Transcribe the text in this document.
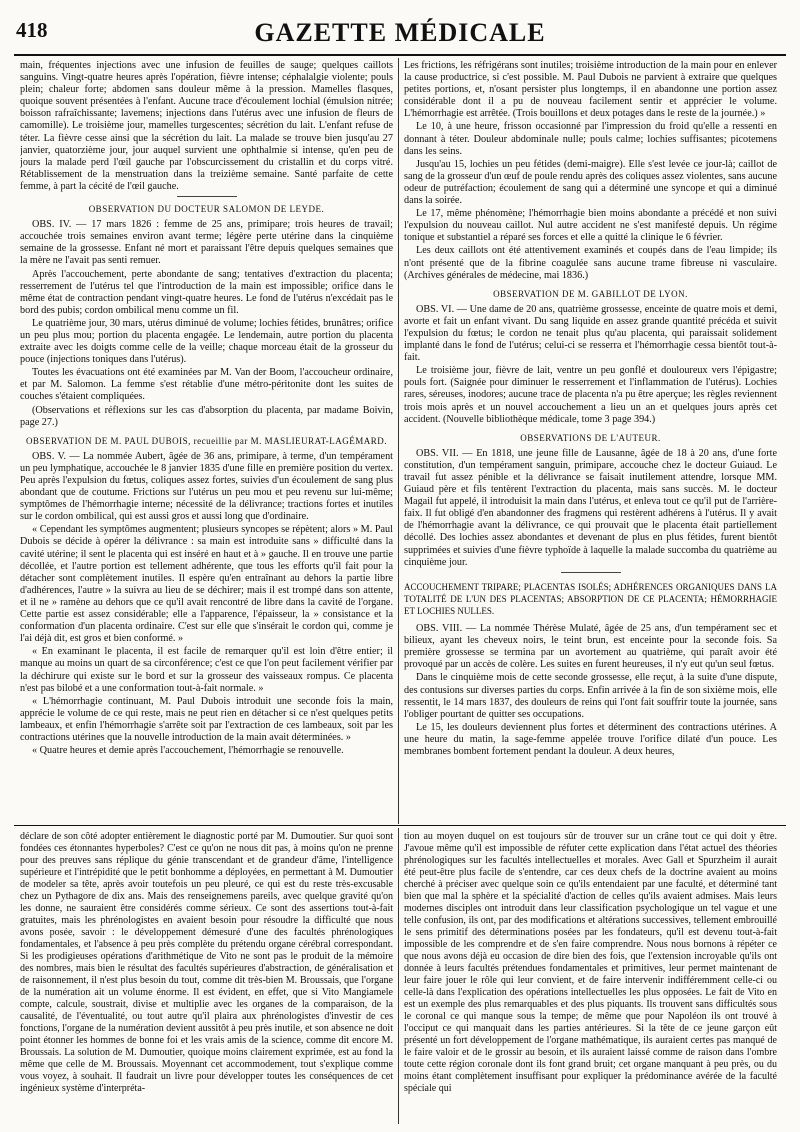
418	GAZETTE MÉDICALE

main, fréquentes injections avec une infusion de feuilles de sauge; quelques caillots sanguins. Vingt-quatre heures après l'opération, fièvre intense; céphalalgie violente; pouls plein; chaleur forte; abdomen sans douleur même à la pression. Mamelles flasques, quoique souvent présentées à l'enfant. Aucune trace d'écoulement lochial (émulsion nitrée; boisson rafraîchissante; lavemens; injections dans l'utérus avec une infusion de fleurs de camomille). Le troisième jour, mamelles turgescentes; sécrétion du lait. L'enfant refuse de téter. La fièvre cesse ainsi que la sécrétion du lait. La malade se trouve bien jusqu'au 27 janvier, quatorzième jour, jour auquel survient une ophthalmie si intense, qu'en peu de jours la malade perd l'œil gauche par l'obscurcissement du cristallin et du corps vitré. Rétablissement de la menstruation dans la treizième semaine. Santé parfaite de cette femme, à part la cécité de l'œil gauche.

OBSERVATION DU DOCTEUR SALOMON DE LEYDE.

OBS. IV. — 17 mars 1826 : femme de 25 ans, primipare; trois heures de travail; accouchée trois semaines environ avant terme; légère perte utérine dans la cinquième semaine de la grossesse. Enfant né mort et paraissant l'être depuis quelques semaines que la mère ne l'avait pas senti remuer.

Après l'accouchement, perte abondante de sang; tentatives d'extraction du placenta; resserrement de l'utérus tel que l'introduction de la main est impossible; orifice dans le même état de contraction pendant vingt-quatre heures. Le fond de l'utérus n'excédait pas le bord des pubis; cordon ombilical menu comme un fil.

Le quatrième jour, 30 mars, utérus diminué de volume; lochies fétides, brunâtres; orifice un peu plus mou; portion du placenta engagée. Le lendemain, autre portion du placenta extraite avec les doigts comme celle de la veille; chaque morceau était de la grosseur du pouce (injections toniques dans l'utérus).

Toutes les évacuations ont été examinées par M. Van der Boom, l'accoucheur ordinaire, et par M. Salomon. La femme s'est rétablie d'une métro-péritonite dont les suites de couches s'étaient compliquées.

(Observations et réflexions sur les cas d'absorption du placenta, par madame Boivin, page 27.)

OBSERVATION DE M. PAUL DUBOIS, recueillie par M. MASLIEURAT-LAGÉMARD.

OBS. V. — La nommée Aubert, âgée de 36 ans, primipare, à terme, d'un tempérament un peu lymphatique, accouchée le 8 janvier 1835 d'une fille en première position du vertex. Peu après l'expulsion du fœtus, coliques assez fortes, suivies d'un écoulement de sang plus abondant que de coutume. Frictions sur l'utérus un peu mou et peu revenu sur lui-même; symptômes de l'hémorrhagie interne; nécessité de la délivrance; tractions fortes et inutiles sur le cordon ombilical, qui est aussi gros et aussi long que d'ordinaire.

« Cependant les symptômes augmentent; plusieurs syncopes se répètent; alors » M. Paul Dubois se décide à opérer la délivrance : sa main est introduite sans » difficulté dans la cavité utérine; il sent le placenta qui est inséré en haut et à » gauche. Il en trouve une partie décollée, et l'autre portion est tellement adhérente, que tous les efforts qu'il fait pour la détacher sont complètement inutiles. Il espère qu'en entraînant au dehors la partie libre d'adhérences, l'autre » la suivra au lieu de se déchirer; mais il est trompé dans son attente, et il ne » ramène au dehors que ce qu'il avait rencontré de libre dans la cavité de l'organe. Cette partie est assez considérable; elle a l'apparence, l'épaisseur, la » consistance et la conformation d'un placenta ordinaire. C'est sur elle que s'insérait le cordon qui, comme je l'ai déjà dit, est gros et bien conformé. »

« En examinant le placenta, il est facile de remarquer qu'il est loin d'être entier; il manque au moins un quart de sa circonférence; c'est ce que l'on peut facilement vérifier par la déchirure qui existe sur le bord et sur la grosseur des vaisseaux rompus. Ce placenta n'est pas bilobé et a une conformation tout-à-fait normale. »

« L'hémorrhagie continuant, M. Paul Dubois introduit une seconde fois la main, apprécie le volume de ce qui reste, mais ne peut rien en détacher si ce n'est quelques petits lambeaux, et enfin l'hémorrhagie s'arrête soit par l'extraction de ces lambeaux, soit par les contractions utérines que la nouvelle introduction de la main avait déterminées. »

« Quatre heures et demie après l'accouchement, l'hémorrhagie se renouvelle.

Les frictions, les réfrigérans sont inutiles; troisième introduction de la main pour en enlever la cause productrice, si c'est possible. M. Paul Dubois ne parvient à extraire que quelques petites portions, et, n'osant persister plus longtemps, il en abandonne une portion assez considérable dont il a pu de nouveau facilement sentir et apprécier le volume. L'hémorrhagie est arrêtée. (Trois bouillons et deux potages dans le reste de la journée.) »

Le 10, à une heure, frisson occasionné par l'impression du froid qu'elle a ressenti en donnant à téter. Douleur abdominale nulle; pouls calme; lochies suffisantes; picotemens dans les seins.

Jusqu'au 15, lochies un peu fétides (demi-maigre). Elle s'est levée ce jour-là; caillot de sang de la grosseur d'un œuf de poule rendu après des coliques assez violentes, sans aucune odeur de putréfaction; écoulement de sang qui a déterminé une syncope et qui a diminué dans la soirée.

Le 17, même phénomène; l'hémorrhagie bien moins abondante a précédé et non suivi l'expulsion du nouveau caillot. Nul autre accident ne s'est manifesté depuis. Un régime tonique et substantiel a réparé ses forces et elle a quitté la clinique le 6 février.

Les deux caillots ont été attentivement examinés et coupés dans de l'eau limpide; ils n'ont présenté que de la fibrine coagulée sans aucune trame fibreuse ni vasculaire. (Archives générales de médecine, mai 1836.)

OBSERVATION DE M. GABILLOT DE LYON.

OBS. VI. — Une dame de 20 ans, quatrième grossesse, enceinte de quatre mois et demi, avorte et fait un enfant vivant. Du sang liquide en assez grande quantité précéda et suivit l'expulsion du fœtus; le cordon ne tenait plus qu'au placenta, qui paraissait solidement implanté dans le fond de l'utérus; celui-ci se resserra et l'hémorrhagie cessa bientôt tout-à-fait.

Le troisième jour, fièvre de lait, ventre un peu gonflé et douloureux vers l'épigastre; pouls fort. (Saignée pour diminuer le resserrement et l'inflammation de l'utérus). Lochies rares, séreuses, inodores; aucune trace de placenta n'a pu être aperçue; les règles reviennent trois mois après et un nouvel accouchement a lieu un an et quelques jours après cet accident. (Nouvelle bibliothèque médicale, tome 3 page 394.)

OBSERVATIONS DE L'AUTEUR.

OBS. VII. — En 1818, une jeune fille de Lausanne, âgée de 18 à 20 ans, d'une forte constitution, d'un tempérament sanguin, primipare, accouche chez le docteur Guiaud. Le travail fut assez pénible et la délivrance se faisait inutilement attendre, lorsque MM. Guiaud père et fils tentèrent l'extraction du placenta, mais sans succès. M. le docteur Magail fut appelé, il introduisit la main dans l'utérus, et enleva tout ce qu'il put de l'arrière-faix. Il fut obligé d'en abandonner des fragmens qui restèrent adhérens à l'utérus. Il y avait de l'hémorrhagie avant la délivrance, ce qui prouvait que le placenta était partiellement décollé. Des lochies assez abondantes et devenant de plus en plus fétides, furent bientôt supprimées et suivies d'une fièvre typhoïde à laquelle la malade succomba du quatrième au cinquième jour.

ACCOUCHEMENT TRIPARE; PLACENTAS ISOLÉS; ADHÉRENCES ORGANIQUES DANS LA TOTALITÉ DE L'UN DES PLACENTAS; ABSORPTION DE CE PLACENTA; HÉMORRHAGIE ET LOCHIES NULLES.

OBS. VIII. — La nommée Thérèse Mulaté, âgée de 25 ans, d'un tempérament sec et bilieux, ayant les cheveux noirs, le teint brun, est enceinte pour la seconde fois. Sa première grossesse se termina par un avortement au quatrième, qui paraît avoir été provoqué par un accès de colère. Les suites en furent heureuses, il n'y eut qu'un seul fœtus.

Dans le cinquième mois de cette seconde grossesse, elle reçut, à la suite d'une dispute, des contusions sur diverses parties du corps. Enfin arrivée à la fin de son sixième mois, elle ressentit, le 14 mars 1837, des douleurs de reins qui l'ont fait souffrir toute la journée, sans l'obliger pourtant de quitter ses occupations.

Le 15, les douleurs deviennent plus fortes et déterminent des contractions utérines. A une heure du matin, la sage-femme appelée trouve l'orifice dilaté d'un pouce. Les membranes bombent fortement pendant la douleur. A deux heures,

déclare de son côté adopter entièrement le diagnostic porté par M. Dumoutier. Sur quoi sont fondées ces étonnantes hyperboles? C'est ce qu'on ne nous dit pas, à moins qu'on ne prenne pour des preuves sans réplique du génie transcendant et de grandeur d'âme, l'intelligence supérieure et l'intrépidité que le petit bonhomme a déployées, en permettant à M. Dumoutier de modeler sa tête, après avoir toutefois un peu pleuré, ce qui est du reste très-excusable chez un Pythagore de dix ans. Mais des renseignemens pareils, avec quelque gravité qu'on les donne, ne sauraient être considérés comme sérieux. Ce sont des assertions tout-à-fait gratuites, mais les phrénologistes en avaient besoin pour résoudre la difficulté que nous avons posée, savoir : le développement démesuré d'une des facultés phrénologiques fondamentales, et l'absence à peu près complète du prétendu organe cérébral correspondant. Si les prodigieuses opérations d'arithmétique de Vito ne sont pas le produit de la mémoire des nombres, mais bien le résultat des facultés supérieures d'abstraction, de généralisation et de raisonnement, il n'est plus besoin du tout, comme dit très-bien M. Broussais, que l'organe de la numération ait un volume énorme. Il est évident, en effet, que si Vito Mangiamele compte, calcule, soustrait, divise et multiplie avec les organes de la comparaison, de la causalité, de l'éventualité, ou tout autre qu'il plaira aux phrénologistes d'investir de ces fonctions, l'organe de la numération devient aussitôt à peu près inutile, et son absence ne doit point étonner les hommes de bonne foi et les vrais amis de la science, comme dit encore M. Broussais. La solution de M. Dumoutier, quoique moins clairement exprimée, est au fond la même que celle de M. Broussais. Moyennant cet accommodement, tout s'explique comme vous voyez, à souhait. Il faudrait un livre pour développer toutes les conséquences de cet ingénieux système d'interpréta-

tion au moyen duquel on est toujours sûr de trouver sur un crâne tout ce qui doit y être. J'avoue même qu'il est impossible de réfuter cette explication dans l'état actuel des théories phrénologiques sur les facultés intellectuelles et morales. Avec Gall et Spurzheim il aurait été peut-être plus facile de s'entendre, car ces deux chefs de la doctrine avaient au moins cherché à préciser avec quelque soin ce qu'ils entendaient par une faculté, et déterminé tant bien que mal la sphère et la spécialité d'action de celles qu'ils avaient admises. Mais leurs modernes disciples ont introduit dans leur classification psychologique un tel vague et une telle confusion, ils ont, par des modifications et altérations successives, tellement embrouillé le sens primitif des déterminations posées par les fondateurs, qu'il est devenu tout-à-fait impossible de les comprendre et de s'en faire comprendre. Nous nous bornons à répéter ce que nous avons déjà eu occasion de dire bien des fois, que l'extension incroyable qu'ils ont donnée à leurs facultés prétendues fondamentales et primitives, leur permet maintenant de leur faire jouer le rôle qui leur convient, et de faire intervenir indifféremment celle-ci ou celle-là dans l'explication des opérations intellectuelles les plus opposées. Le fait de Vito en est un exemple des plus remarquables et des plus piquants. Ils trouvent sans difficultés sous le coronal ce qui manque sous la tempe; de même que pour Napoléon ils ont trouvé à l'occiput ce qui manquait dans les parties antérieures. Si la tête de ce jeune garçon eût présenté un fort développement de l'organe mathématique, ils auraient certes pas manqué de le faire valoir et de le grossir au besoin, et ils auraient laissé comme de raison dans l'ombre toute cette région coronale dont ils font grand bruit; cet organe manquant à peu près, ou du moins étant complètement insuffisant pour expliquer la prédominance avérée de la faculté spéciale qui
